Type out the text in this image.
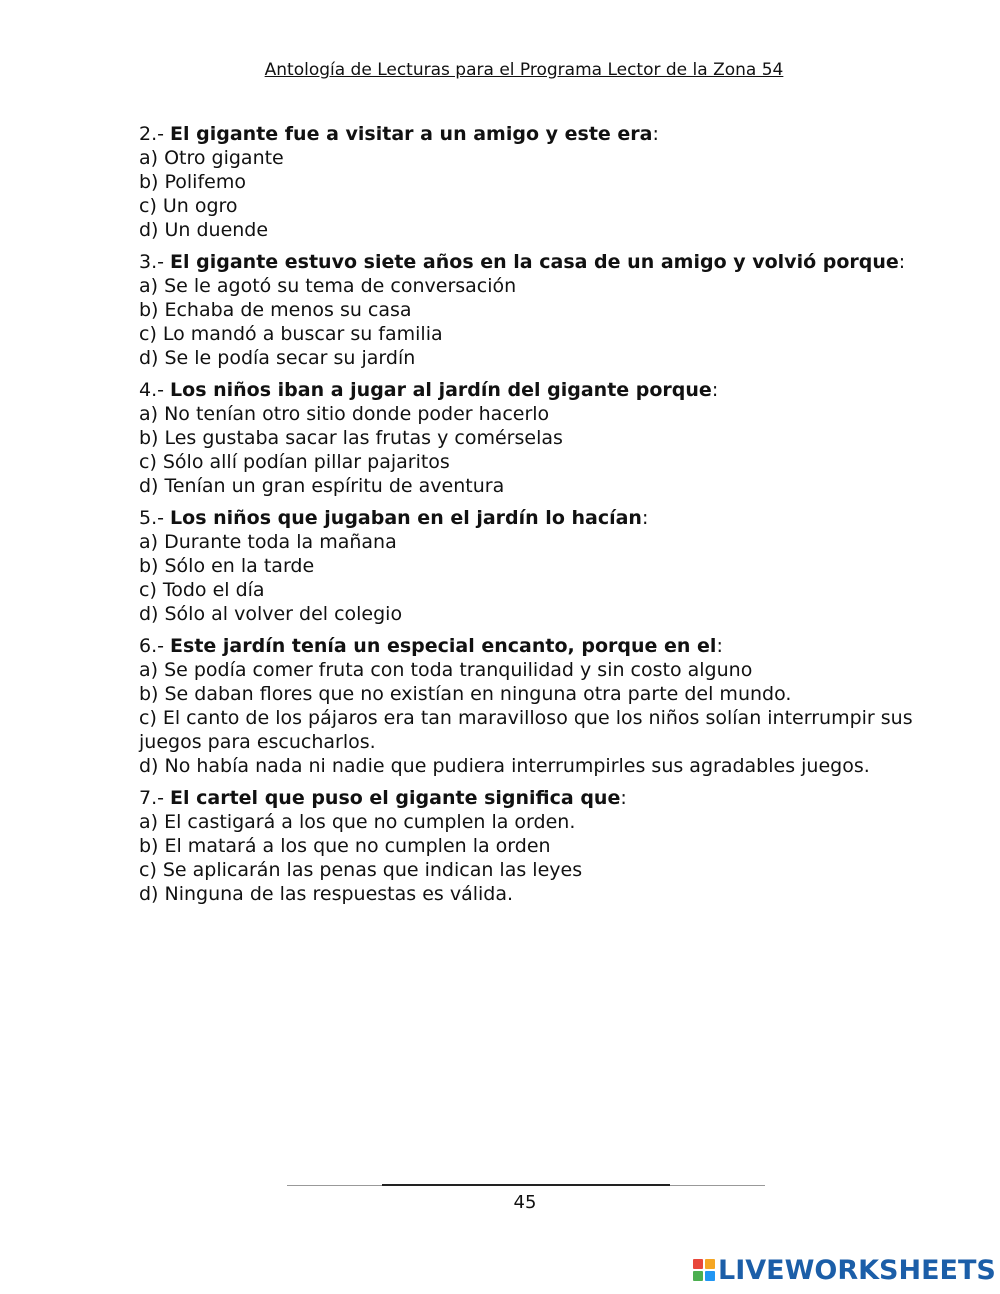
Antología de Lecturas para el Programa Lector de la Zona 54
2.- El gigante fue a visitar a un amigo y este era:
a) Otro gigante
b) Polifemo
c) Un ogro
d) Un duende
3.- El gigante estuvo siete años en la casa de un amigo y volvió porque:
a) Se le agotó su tema de conversación
b) Echaba de menos su casa
c) Lo mandó a buscar su familia
d) Se le podía secar su jardín
4.- Los niños iban a jugar al jardín del gigante porque:
a) No tenían otro sitio donde poder hacerlo
b) Les gustaba sacar las frutas y comérselas
c) Sólo allí podían pillar pajaritos
d) Tenían un gran espíritu de aventura
5.- Los niños que jugaban en el jardín lo hacían:
a) Durante toda la mañana
b) Sólo en la tarde
c) Todo el día
d) Sólo al volver del colegio
6.- Este jardín tenía un especial encanto, porque en el:
a) Se podía comer fruta con toda tranquilidad y sin costo alguno
b) Se daban flores que no existían en ninguna otra parte del mundo.
c) El canto de los pájaros era tan maravilloso que los niños solían interrumpir sus juegos para escucharlos.
d) No había nada ni nadie que pudiera interrumpirles sus agradables juegos.
7.- El cartel que puso el gigante significa que:
a) El castigará a los que no cumplen la orden.
b) El matará a los que no cumplen la orden
c) Se aplicarán las penas que indican las leyes
d) Ninguna de las respuestas es válida.
45
LIVEWORKSHEETS
